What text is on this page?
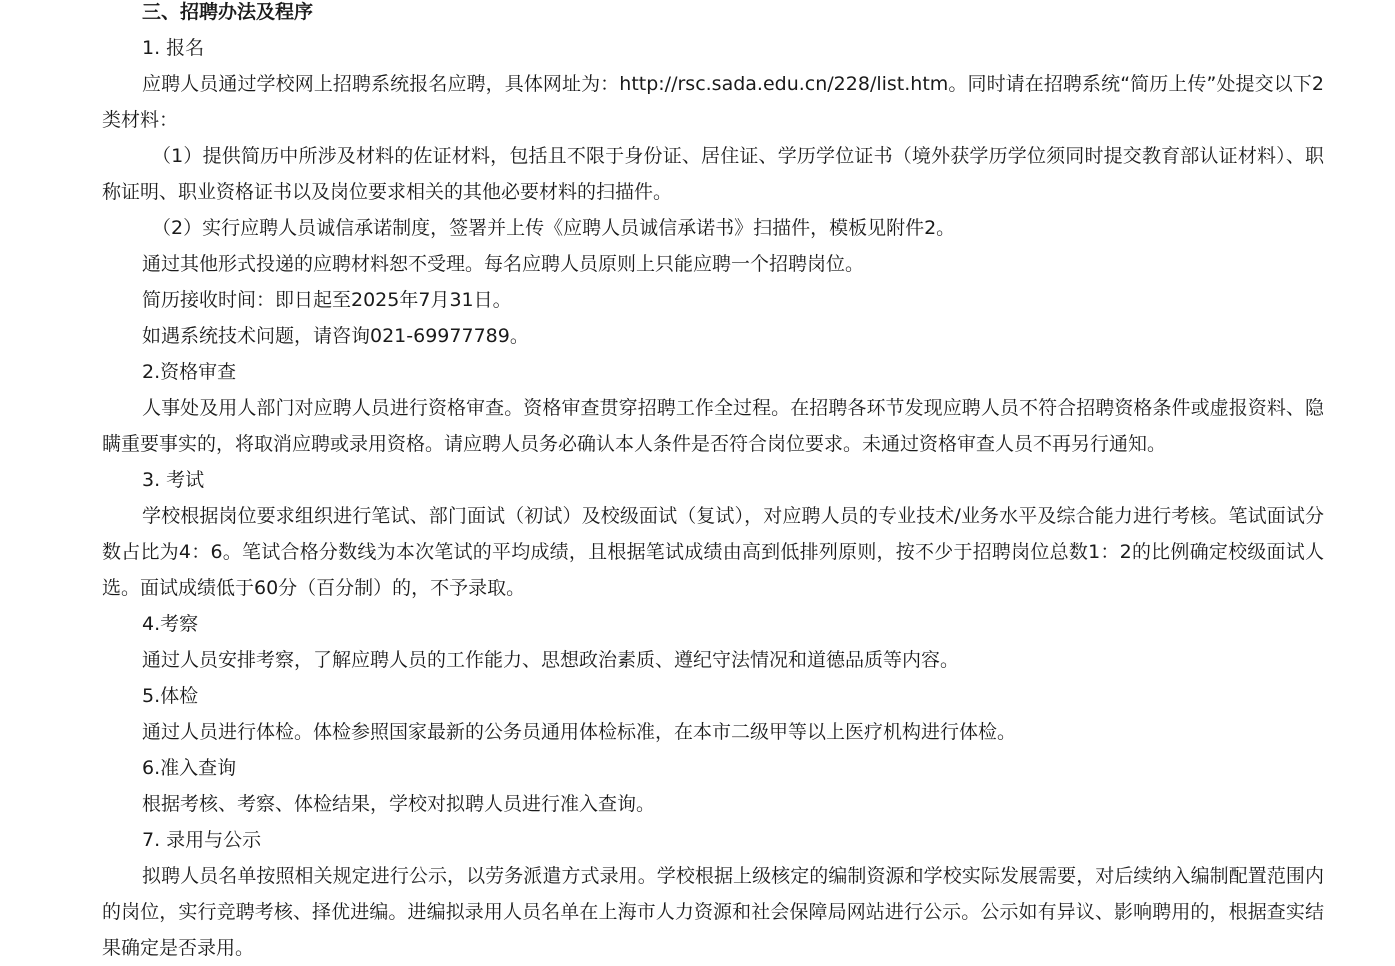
三、招聘办法及程序

1. 报名

应聘人员通过学校网上招聘系统报名应聘，具体网址为：http://rsc.sada.edu.cn/228/list.htm。同时请在招聘系统“简历上传”处提交以下2类材料：

（1）提供简历中所涉及材料的佐证材料，包括且不限于身份证、居住证、学历学位证书（境外获学历学位须同时提交教育部认证材料）、职称证明、职业资格证书以及岗位要求相关的其他必要材料的扫描件。

（2）实行应聘人员诚信承诺制度，签署并上传《应聘人员诚信承诺书》扫描件，模板见附件2。

通过其他形式投递的应聘材料恕不受理。每名应聘人员原则上只能应聘一个招聘岗位。

简历接收时间：即日起至2025年7月31日。

如遇系统技术问题，请咨询021-69977789。

2.资格审查

人事处及用人部门对应聘人员进行资格审查。资格审查贯穿招聘工作全过程。在招聘各环节发现应聘人员不符合招聘资格条件或虚报资料、隐瞒重要事实的，将取消应聘或录用资格。请应聘人员务必确认本人条件是否符合岗位要求。未通过资格审查人员不再另行通知。

3. 考试

学校根据岗位要求组织进行笔试、部门面试（初试）及校级面试（复试），对应聘人员的专业技术/业务水平及综合能力进行考核。笔试面试分数占比为4：6。笔试合格分数线为本次笔试的平均成绩，且根据笔试成绩由高到低排列原则，按不少于招聘岗位总数1：2的比例确定校级面试人选。面试成绩低于60分（百分制）的，不予录取。

4.考察

通过人员安排考察，了解应聘人员的工作能力、思想政治素质、遵纪守法情况和道德品质等内容。

5.体检

通过人员进行体检。体检参照国家最新的公务员通用体检标准，在本市二级甲等以上医疗机构进行体检。

6.准入查询

根据考核、考察、体检结果，学校对拟聘人员进行准入查询。

7. 录用与公示

拟聘人员名单按照相关规定进行公示，以劳务派遣方式录用。学校根据上级核定的编制资源和学校实际发展需要，对后续纳入编制配置范围内的岗位，实行竞聘考核、择优进编。进编拟录用人员名单在上海市人力资源和社会保障局网站进行公示。公示如有异议、影响聘用的，根据查实结果确定是否录用。
